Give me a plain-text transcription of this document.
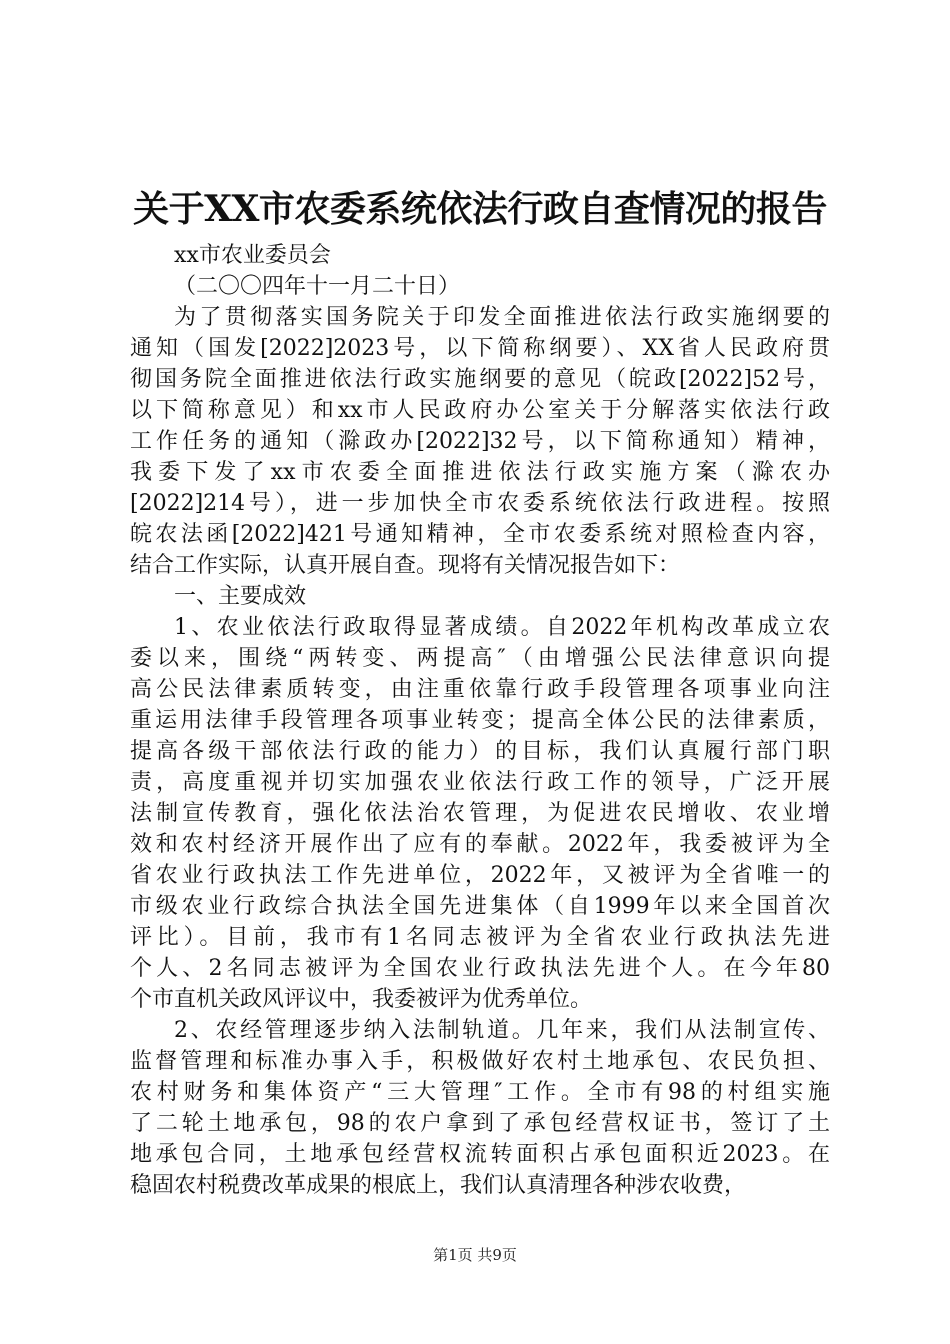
关于XX市农委系统依法行政自查情况的报告
xx市农业委员会
（二〇〇四年十一月二十日）
为了贯彻落实国务院关于印发全面推进依法行政实施纲要的
通知（国发[2022]2023号，以下简称纲要）、XX省人民政府贯
彻国务院全面推进依法行政实施纲要的意见（皖政[2022]52号，
以下简称意见）和xx市人民政府办公室关于分解落实依法行政
工作任务的通知（滁政办[2022]32号，以下简称通知）精神，
我委下发了xx市农委全面推进依法行政实施方案（滁农办
[2022]214号），进一步加快全市农委系统依法行政进程。按照
皖农法函[2022]421号通知精神，全市农委系统对照检查内容，
结合工作实际，认真开展自查。现将有关情况报告如下：
一、主要成效
1、农业依法行政取得显著成绩。自2022年机构改革成立农
委以来，围绕“两转变、两提高″（由增强公民法律意识向提
高公民法律素质转变，由注重依靠行政手段管理各项事业向注
重运用法律手段管理各项事业转变；提高全体公民的法律素质，
提高各级干部依法行政的能力）的目标，我们认真履行部门职
责，高度重视并切实加强农业依法行政工作的领导，广泛开展
法制宣传教育，强化依法治农管理，为促进农民增收、农业增
效和农村经济开展作出了应有的奉献。2022年，我委被评为全
省农业行政执法工作先进单位，2022年，又被评为全省唯一的
市级农业行政综合执法全国先进集体（自1999年以来全国首次
评比）。目前，我市有1名同志被评为全省农业行政执法先进
个人、2名同志被评为全国农业行政执法先进个人。在今年80
个市直机关政风评议中，我委被评为优秀单位。
2、农经管理逐步纳入法制轨道。几年来，我们从法制宣传、
监督管理和标准办事入手，积极做好农村土地承包、农民负担、
农村财务和集体资产“三大管理″工作。全市有98的村组实施
了二轮土地承包，98的农户拿到了承包经营权证书，签订了土
地承包合同，土地承包经营权流转面积占承包面积近2023。在
稳固农村税费改革成果的根底上，我们认真清理各种涉农收费，
第1页 共9页
